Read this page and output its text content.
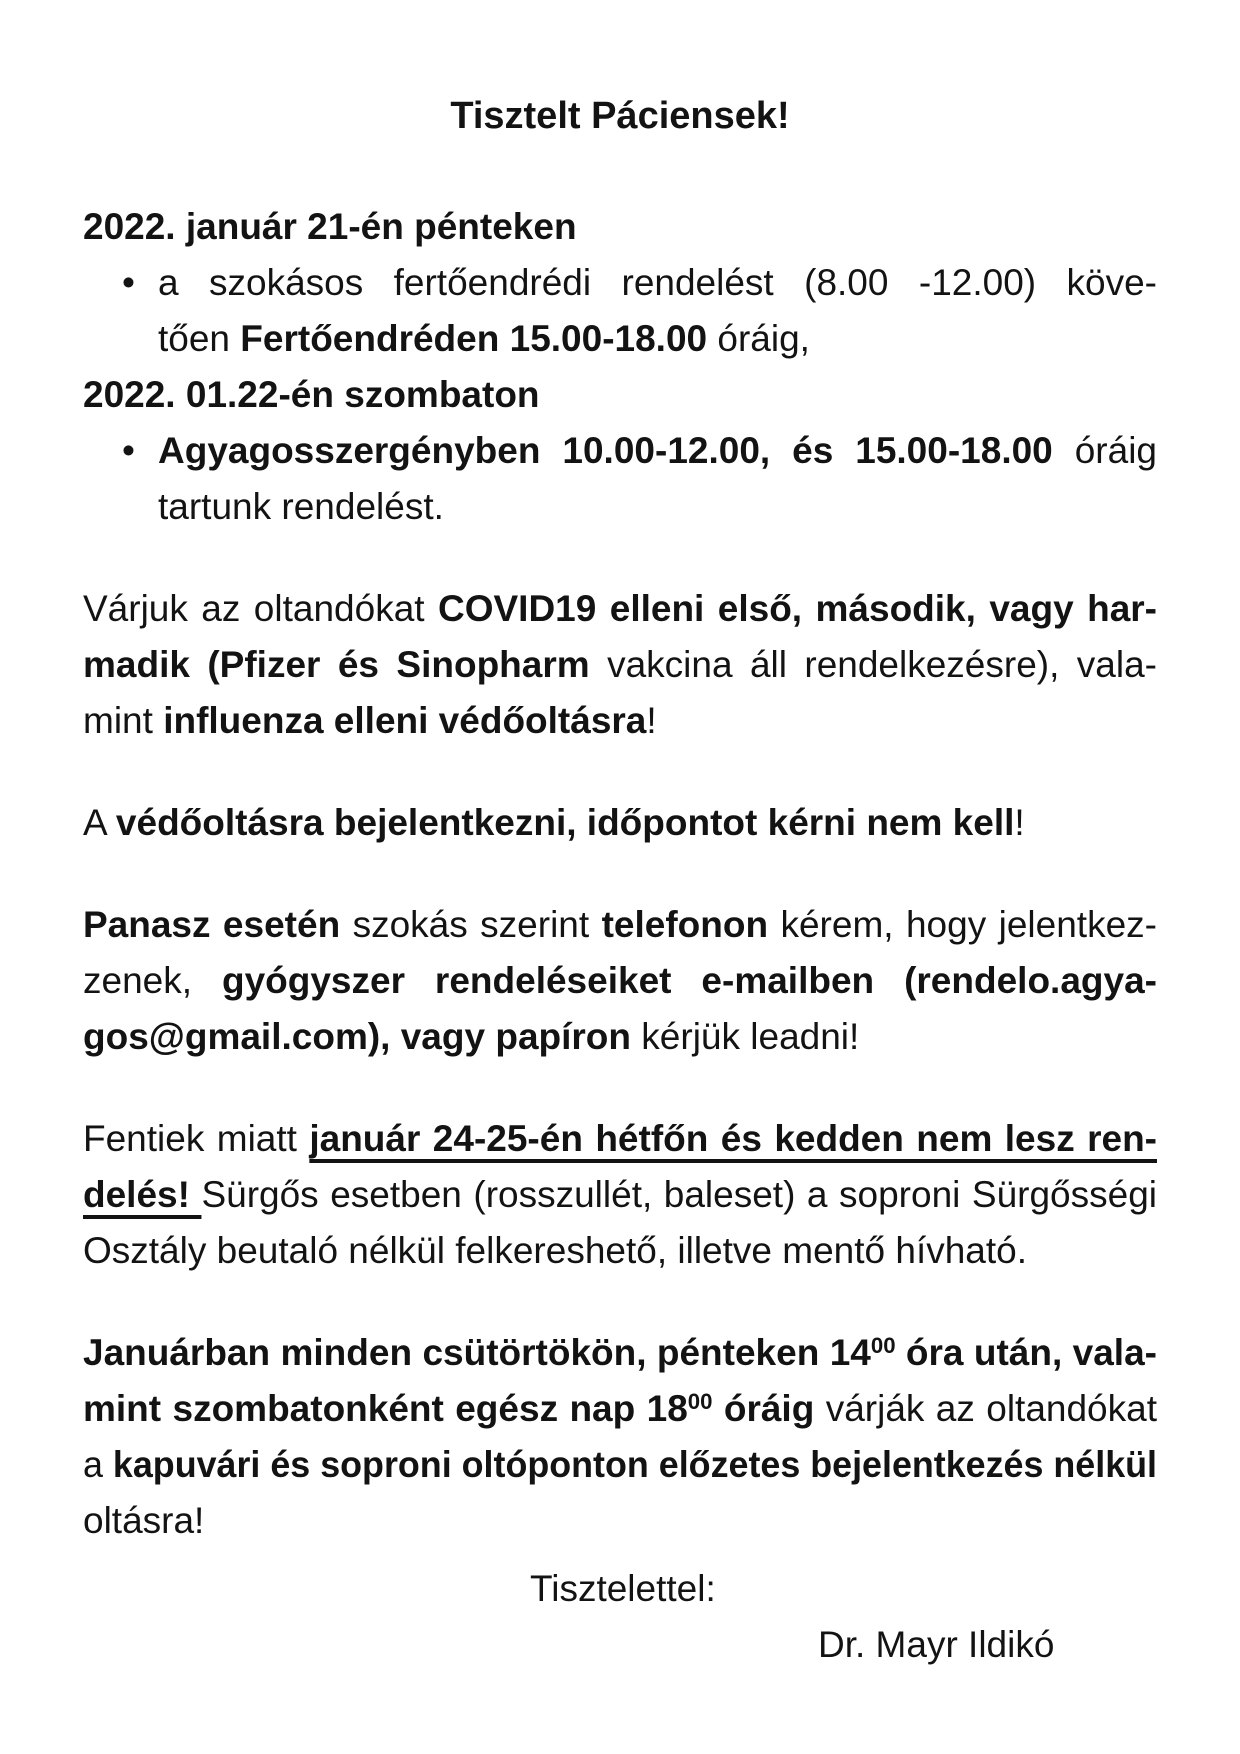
Tisztelt Páciensek!
2022. január 21-én pénteken
• a szokásos fertőendrédi rendelést (8.00 -12.00) köve-
tően Fertőendréden 15.00-18.00 óráig,
2022. 01.22-én szombaton
• Agyagosszergényben 10.00-12.00, és 15.00-18.00 óráig
tartunk rendelést.
Várjuk az oltandókat COVID19 elleni első, második, vagy har-
madik (Pfizer és Sinopharm vakcina áll rendelkezésre), vala-
mint influenza elleni védőoltásra!
A védőoltásra bejelentkezni, időpontot kérni nem kell!
Panasz esetén szokás szerint telefonon kérem, hogy jelentkez-
zenek, gyógyszer rendeléseiket e-mailben (rendelo.agya-
gos@gmail.com), vagy papíron kérjük leadni!
Fentiek miatt január 24-25-én hétfőn és kedden nem lesz ren-
delés! Sürgős esetben (rosszullét, baleset) a soproni Sürgősségi
Osztály beutaló nélkül felkereshető, illetve mentő hívható.
Januárban minden csütörtökön, pénteken $14^{00}$ óra után, vala-
mint szombatonként egész nap $18^{00}$ óráig várják az oltandókat
a kapuvári és soproni oltóponton előzetes bejelentkezés nélkül
oltásra!
Tisztelettel:
Dr. Mayr Ildikó
